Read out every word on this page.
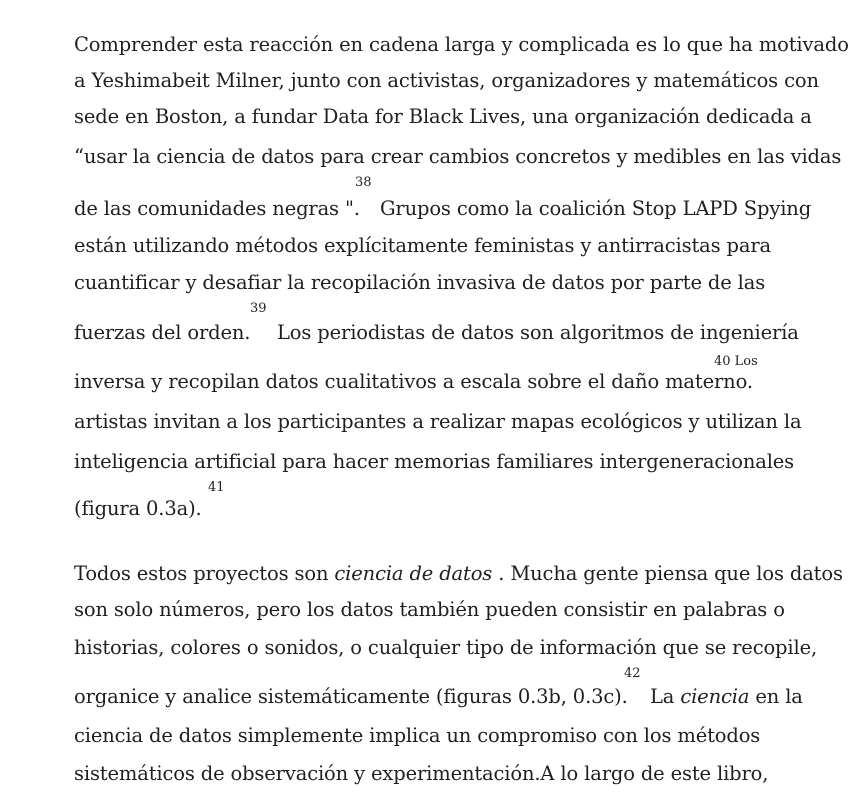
Comprender esta reacción en cadena larga y complicada es lo que ha motivado
a Yeshimabeit Milner, junto con activistas, organizadores y matemáticos con
sede en Boston, a fundar Data for Black Lives, una organización dedicada a
“usar la ciencia de datos para crear cambios concretos y medibles en las vidas
de las comunidades negras ".
38
Grupos como la coalición Stop LAPD Spying
están utilizando métodos explícitamente feministas y antirracistas para
cuantificar y desafiar la recopilación invasiva de datos por parte de las
fuerzas del orden.
39
Los periodistas de datos son algoritmos de ingeniería
40 Los
inversa y recopilan datos cualitativos a escala sobre el daño materno.
artistas invitan a los participantes a realizar mapas ecológicos y utilizan la
inteligencia artificial para hacer memorias familiares intergeneracionales
41
(figura 0.3a).
Todos estos proyectos son ciencia de datos . Mucha gente piensa que los datos
son solo números, pero los datos también pueden consistir en palabras o
historias, colores o sonidos, o cualquier tipo de información que se recopile,
42
organice y analice sistemáticamente (figuras 0.3b, 0.3c). La ciencia en la
ciencia de datos simplemente implica un compromiso con los métodos
sistemáticos de observación y experimentación.A lo largo de este libro,
